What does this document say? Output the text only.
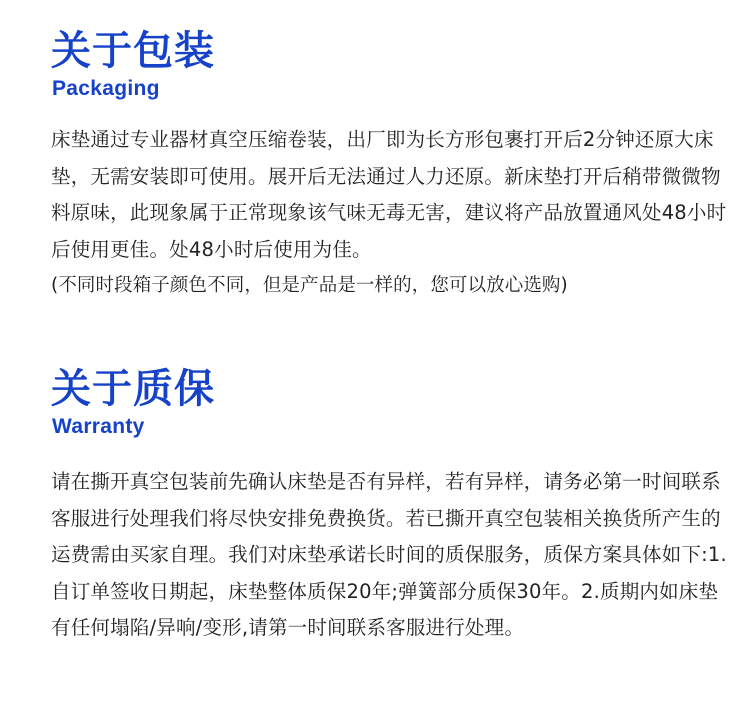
关于包装
Packaging

床垫通过专业器材真空压缩卷装，出厂即为长方形包裹打开后2分钟还原大床垫，无需安装即可使用。展开后无法通过人力还原。新床垫打开后稍带微微物料原味，此现象属于正常现象该气味无毒无害，建议将产品放置通风处48小时后使用更佳。处48小时后使用为佳。

(不同时段箱子颜色不同，但是产品是一样的，您可以放心选购)

关于质保
Warranty

请在撕开真空包装前先确认床垫是否有异样，若有异样，请务必第一时间联系客服进行处理我们将尽快安排免费换货。若已撕开真空包装相关换货所产生的运费需由买家自理。我们对床垫承诺长时间的质保服务，质保方案具体如下:1.自订单签收日期起，床垫整体质保20年;弹簧部分质保30年。2.质期内如床垫有任何塌陷/异响/变形,请第一时间联系客服进行处理。
